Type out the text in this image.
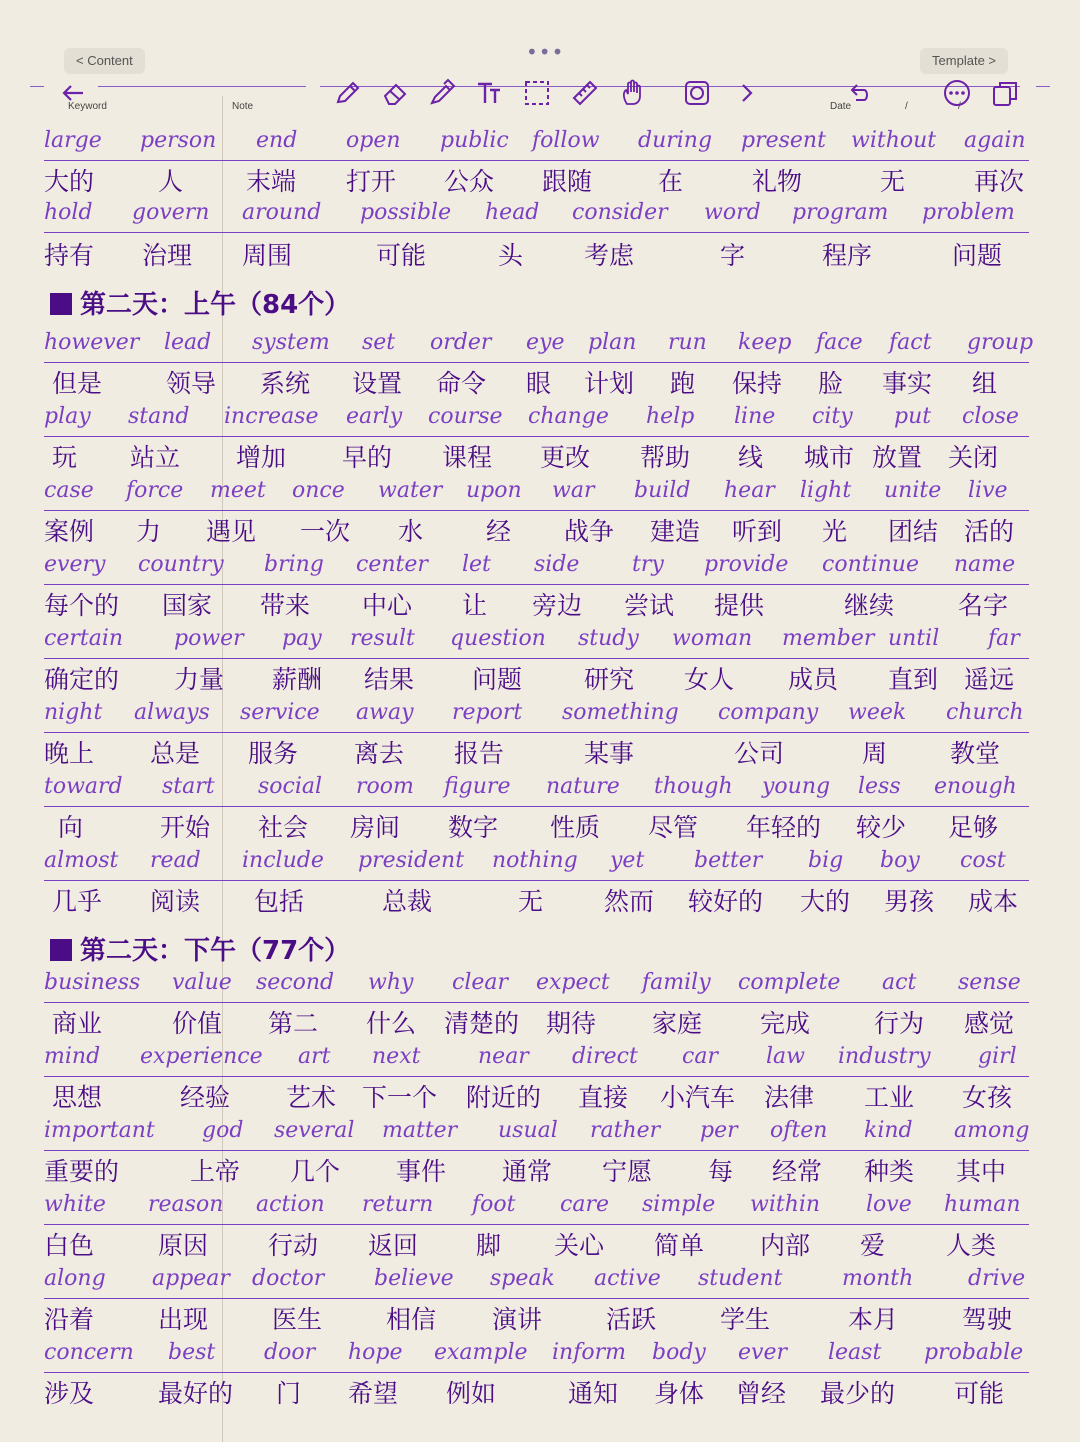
< Content	•••	Template >
Keyword	Note	Date	/	/
large person end open public follow during present without again
大的	人	末端 打开 公众 跟随	在	礼物	无	再次
hold govern around possible head consider word program problem
持有 治理 周围	可能	头 考虑	字	程序	问题
第二天：上午（84个）
however lead system set order eye plan run keep face fact group
但是	领导 系统 设置 命令 眼 计划 跑 保持 脸 事实 组
play stand increase early course change help line city put close
玩 站立 增加 早的 课程 更改 帮助 线 城市 放置 关闭
case force meet once water upon war build hear light unite live
案例 力 遇见 一次 水	经 战争 建造 听到 光 团结 活的
every country bring center let side try provide continue name
每个的 国家 带来 中心 让 旁边 尝试 提供	继续	名字
certain power pay result question study woman member until far
确定的 力量 薪酬 结果 问题 研究 女人 成员 直到 遥远
night always service away report something company week church
晚上 总是 服务 离去 报告	某事	公司	周	教堂
toward start social room figure nature though young less enough
向	开始 社会 房间 数字 性质 尽管 年轻的 较少 足够
almost read include president nothing yet better big boy cost
几乎 阅读 包括	总裁	无 然而 较好的 大的 男孩 成本
第二天：下午（77个）
business value second why clear expect family complete act sense
商业	价值 第二 什么 清楚的 期待 家庭 完成	行为 感觉
mind experience art next	near direct car law industry girl
思想	经验 艺术 下一个 附近的 直接 小汽车 法律 工业 女孩
important god several matter usual rather per often kind among
重要的	上帝 几个 事件 通常 宁愿 每 经常 种类 其中
white reason action return foot care simple within love human
白色	原因 行动 返回 脚 关心 简单 内部 爱 人类
along appear doctor believe speak active student	month drive
沿着	出现	医生	相信 演讲	活跃	学生	本月	驾驶
concern best door hope example inform body ever least probable
涉及	最好的 门 希望 例如	通知 身体 曾经 最少的 可能
